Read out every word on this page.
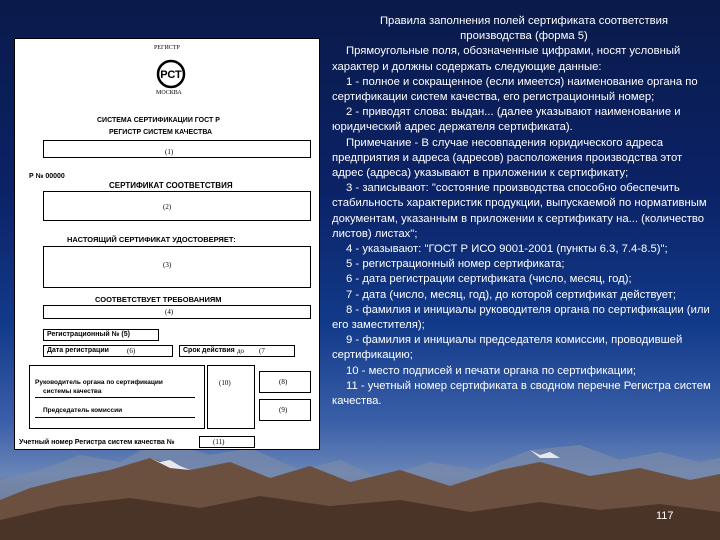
РСТ
РЕГИСТР
МОСКВА
СИСТЕМА СЕРТИФИКАЦИИ ГОСТ Р
РЕГИСТР СИСТЕМ КАЧЕСТВА
(1)
Р № 00000
СЕРТИФИКАТ СООТВЕТСТВИЯ
(2)
НАСТОЯЩИЙ СЕРТИФИКАТ УДОСТОВЕРЯЕТ:
(3)
СООТВЕТСТВУЕТ ТРЕБОВАНИЯМ
(4)
Регистрационный № (5)
Дата регистрации	(6)	Срок действия до (7
Руководитель органа по сертификации
системы качества
Председатель комиссии
(10)	(8)
(9)
Учетный номер Регистра систем качества №	(11)

Правила заполнения полей сертификата соответствия

производства (форма 5)

Прямоугольные поля, обозначенные цифрами, носят условный характер и должны содержать следующие данные:

1 - полное и сокращенное (если имеется) наименование органа по сертификации систем качества, его регистрационный номер;

2 - приводят слова: выдан... (далее указывают наименование и юридический адрес держателя сертификата).

Примечание - В случае несовпадения юридического адреса предприятия и адреса (адресов) расположения производства этот адрес (адреса) указывают в приложении к сертификату;

3 - записывают: "состояние производства способно обеспечить стабильность характеристик продукции, выпускаемой по нормативным документам, указанным в приложении к сертификату на... (количество листов) листах";

4 - указывают: "ГОСТ Р ИСО 9001-2001 (пункты 6.3, 7.4-8.5)";

5 - регистрационный номер сертификата;

6 - дата регистрации сертификата (число, месяц, год);

7 - дата (число, месяц, год), до которой сертификат действует;

8 - фамилия и инициалы руководителя органа по сертификации (или его заместителя);

9 - фамилия и инициалы председателя комиссии, проводившей сертификацию;

10 - место подписей и печати органа по сертификации;

11 - учетный номер сертификата в сводном перечне Регистра систем качества.

117
